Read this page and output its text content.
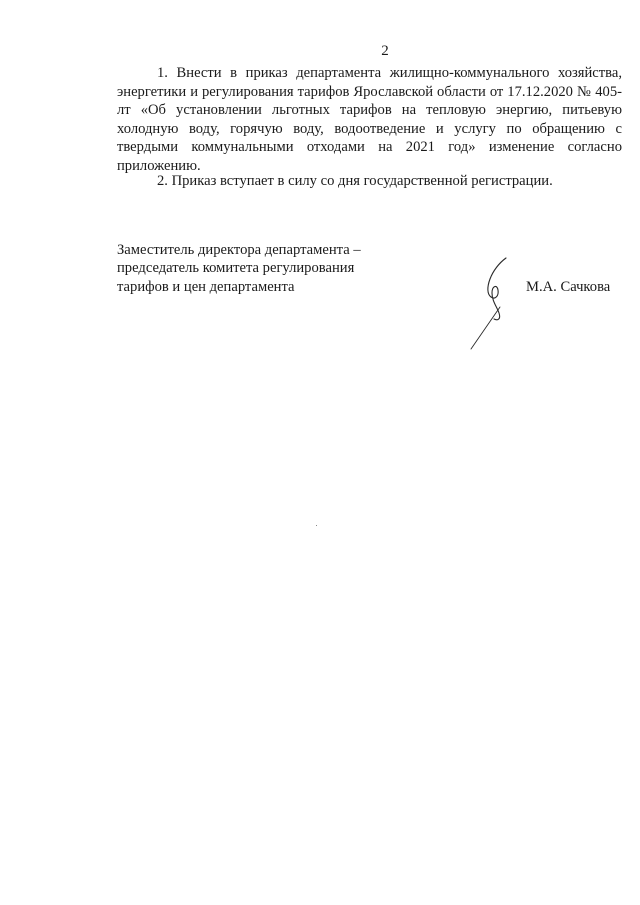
2

1. Внести в приказ департамента жилищно-коммунального хозяйства, энергетики и регулирования тарифов Ярославской области от 17.12.2020 № 405-лт «Об установлении льготных тарифов на тепловую энергию, питьевую холодную воду, горячую воду, водоотведение и услугу по обращению с твердыми коммунальными отходами на 2021 год» изменение согласно приложению.

2. Приказ вступает в силу со дня государственной регистрации.

Заместитель директора департамента –
председатель комитета регулирования
тарифов и цен департамента	М.А. Сачкова
